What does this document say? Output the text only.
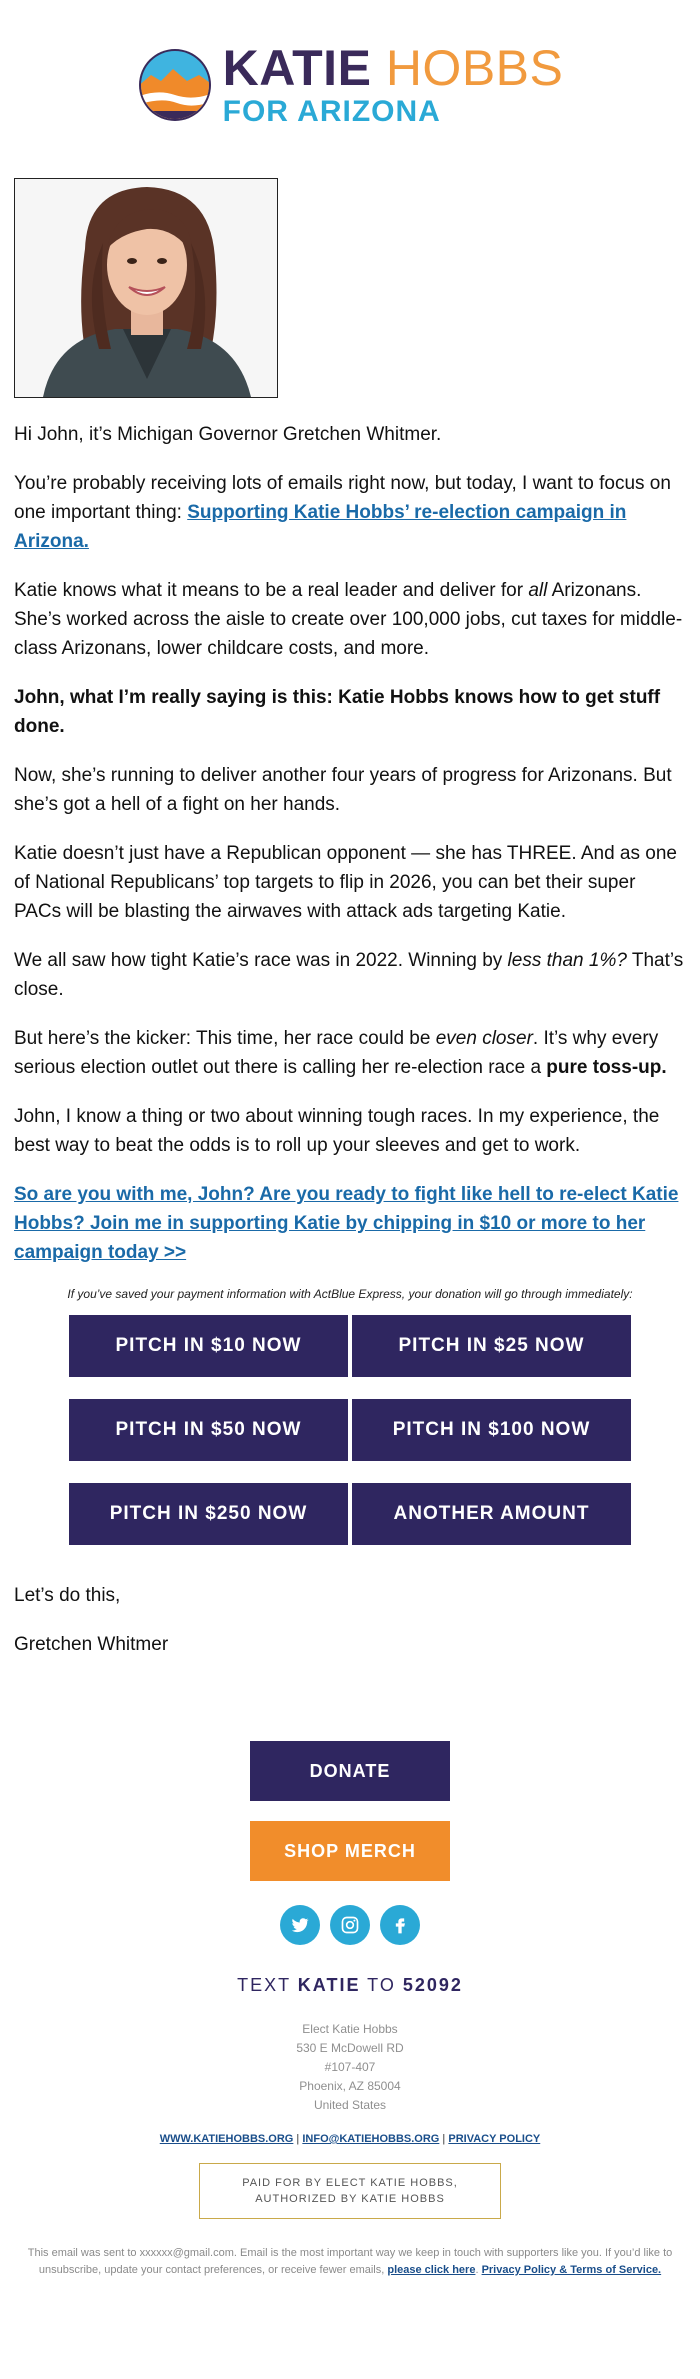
KATIE HOBBS
FOR ARIZONA

Hi John, it’s Michigan Governor Gretchen Whitmer.

You’re probably receiving lots of emails right now, but today, I want to focus on one important thing: Supporting Katie Hobbs’ re-election campaign in Arizona.

Katie knows what it means to be a real leader and deliver for all Arizonans. She’s worked across the aisle to create over 100,000 jobs, cut taxes for middle-class Arizonans, lower childcare costs, and more.

John, what I’m really saying is this: Katie Hobbs knows how to get stuff done.

Now, she’s running to deliver another four years of progress for Arizonans. But she’s got a hell of a fight on her hands.

Katie doesn’t just have a Republican opponent — she has THREE. And as one of National Republicans’ top targets to flip in 2026, you can bet their super PACs will be blasting the airwaves with attack ads targeting Katie.

We all saw how tight Katie’s race was in 2022. Winning by less than 1%? That’s close.

But here’s the kicker: This time, her race could be even closer. It’s why every serious election outlet out there is calling her re-election race a pure toss-up.

John, I know a thing or two about winning tough races. In my experience, the best way to beat the odds is to roll up your sleeves and get to work.

So are you with me, John? Are you ready to fight like hell to re-elect Katie Hobbs? Join me in supporting Katie by chipping in $10 or more to her campaign today >>

If you’ve saved your payment information with ActBlue Express, your donation will go through immediately:
PITCH IN $10 NOW	PITCH IN $25 NOW
PITCH IN $50 NOW	PITCH IN $100 NOW
PITCH IN $250 NOW	ANOTHER AMOUNT

Let’s do this,

Gretchen Whitmer

DONATE
SHOP MERCH
TEXT KATIE TO 52092
Elect Katie Hobbs
530 E McDowell RD
#107-407
Phoenix, AZ 85004
United States
WWW.KATIEHOBBS.ORG | INFO@KATIEHOBBS.ORG | PRIVACY POLICY
PAID FOR BY ELECT KATIE HOBBS,
AUTHORIZED BY KATIE HOBBS
This email was sent to xxxxxx@gmail.com. Email is the most important way we keep in touch with supporters like you. If you’d like to unsubscribe, update your contact preferences, or receive fewer emails, please click here. Privacy Policy & Terms of Service.
